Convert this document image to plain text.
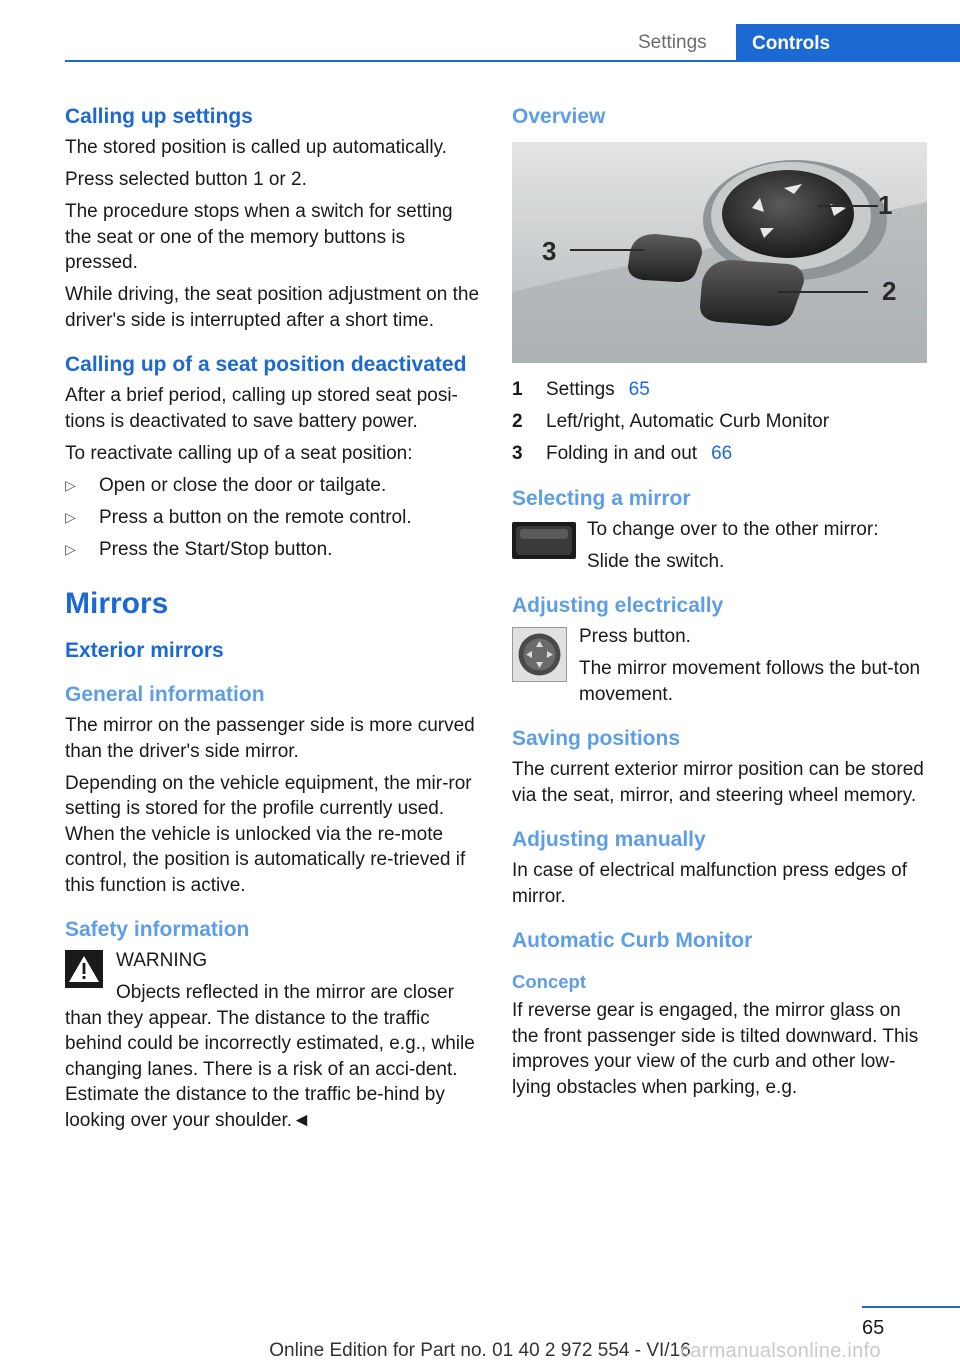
Settings	Controls
Calling up settings

The stored position is called up automatically.

Press selected button 1 or 2.

The procedure stops when a switch for setting the seat or one of the memory buttons is pressed.

While driving, the seat position adjustment on the driver's side is interrupted after a short time.

Calling up of a seat position deactivated

After a brief period, calling up stored seat posi‐tions is deactivated to save battery power.

To reactivate calling up of a seat position:

▷ Open or close the door or tailgate.
▷ Press a button on the remote control.
▷ Press the Start/Stop button.
Mirrors
Exterior mirrors
General information

The mirror on the passenger side is more curved than the driver's side mirror.

Depending on the vehicle equipment, the mir‐ror setting is stored for the profile currently used. When the vehicle is unlocked via the re‐mote control, the position is automatically re‐trieved if this function is active.

Safety information

WARNING

Objects reflected in the mirror are closer

than they appear. The distance to the traffic behind could be incorrectly estimated, e.g., while changing lanes. There is a risk of an acci‐dent. Estimate the distance to the traffic be‐hind by looking over your shoulder.◄

Overview
3
1
2
1	Settings 65
2	Left/right, Automatic Curb Monitor
3	Folding in and out 66
Selecting a mirror

To change over to the other mirror:

Slide the switch.

Adjusting electrically

Press button.

The mirror movement follows the but‐ton movement.

Saving positions

The current exterior mirror position can be stored via the seat, mirror, and steering wheel memory.

Adjusting manually

In case of electrical malfunction press edges of mirror.

Automatic Curb Monitor
Concept

If reverse gear is engaged, the mirror glass on the front passenger side is tilted downward. This improves your view of the curb and other low-lying obstacles when parking, e.g.

65
Online Edition for Part no. 01 40 2 972 554 - VI/16
carmanualsonline.info
